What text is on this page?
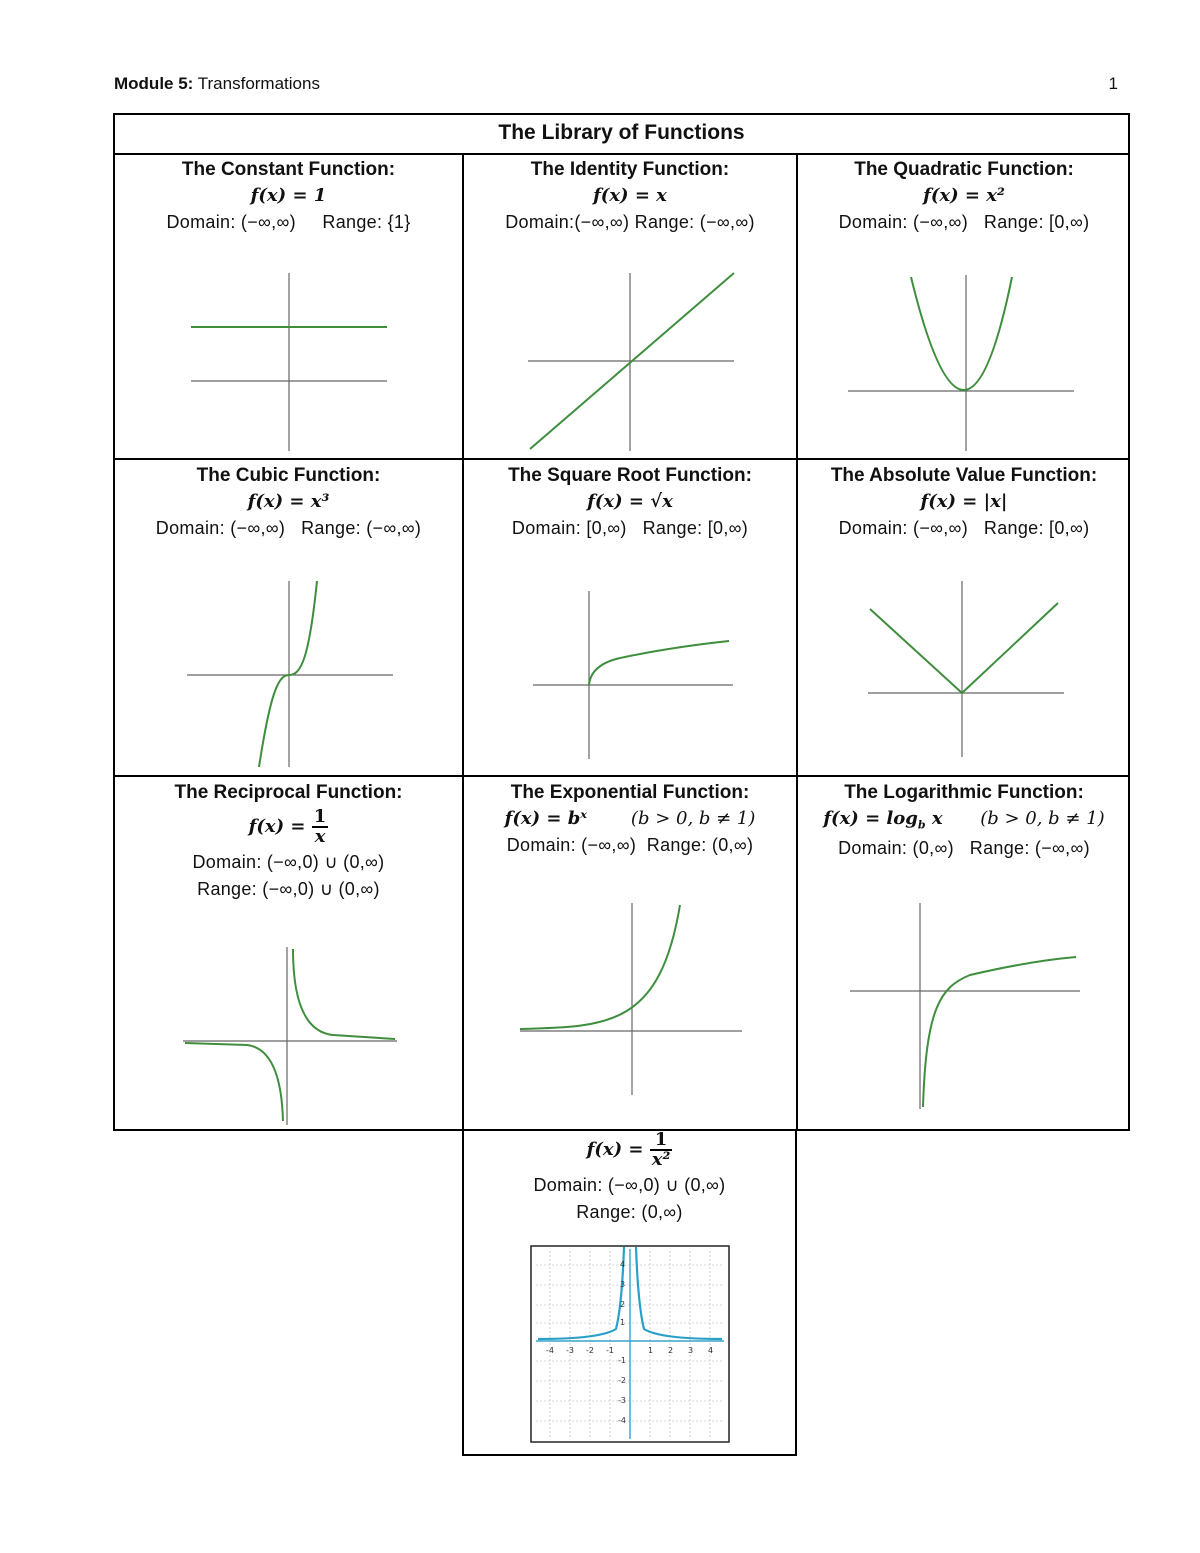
Module 5: Transformations	1
The Library of Functions
The Constant Function:
f(x) = 1
Domain: (−∞,∞) Range: {1}
The Identity Function:
f(x) = x
Domain:(−∞,∞) Range: (−∞,∞)
The Quadratic Function:
f(x) = x²
Domain: (−∞,∞) Range: [0,∞)
The Cubic Function:
f(x) = x³
Domain: (−∞,∞) Range: (−∞,∞)
The Square Root Function:
f(x) = √x
Domain: [0,∞) Range: [0,∞)
The Absolute Value Function:
f(x) = |x|
Domain: (−∞,∞) Range: [0,∞)
The Reciprocal Function:
$f(x) = \frac{1}{x}$
Domain: (−∞,0) ∪ (0,∞)
Range: (−∞,0) ∪ (0,∞)
The Exponential Function:
f(x) = bˣ (b > 0, b ≠ 1)
Domain: (−∞,∞) Range: (0,∞)
The Logarithmic Function:
$f(x) = \log_b x$ (b > 0, b ≠ 1)
Domain: (0,∞) Range: (−∞,∞)
$f(x) = \frac{1}{\text{x²}}$
Domain: (−∞,0) ∪ (0,∞)
Range: (0,∞)
-4 -3 -2 -1	1 2 3 4
4
3
2
1
-1
-2
-3
-4
